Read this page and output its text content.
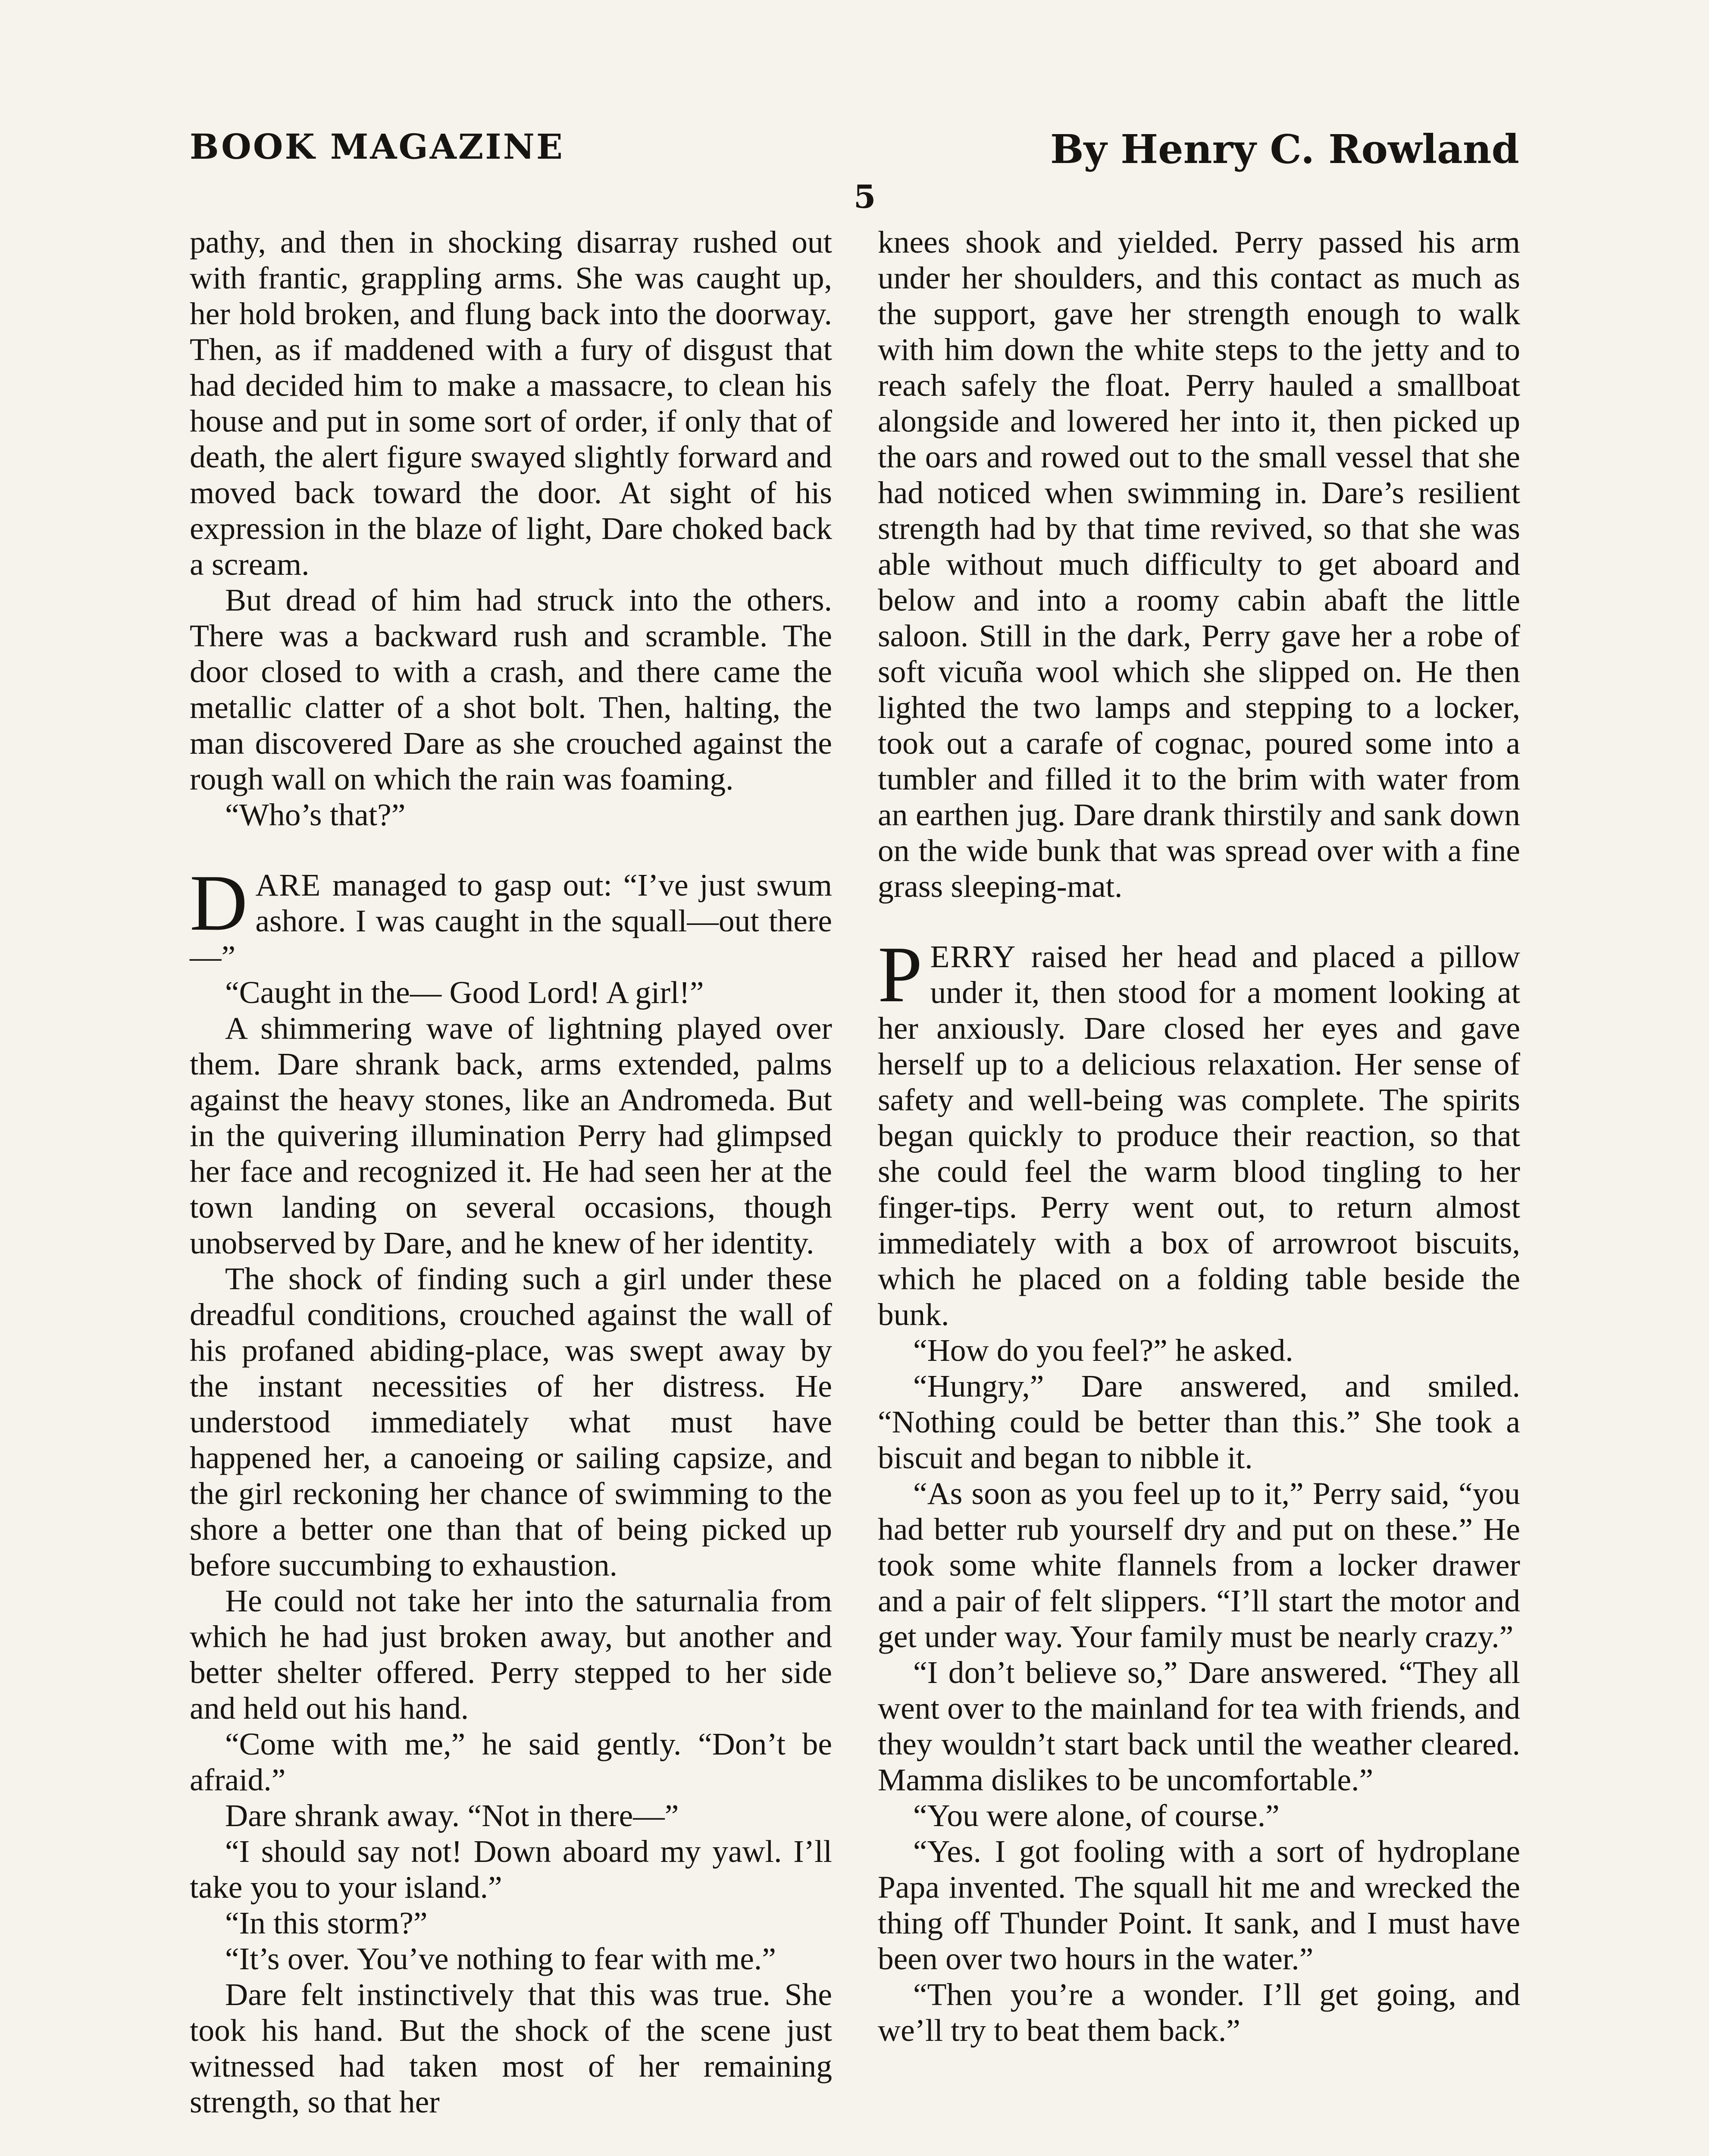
BOOK MAGAZINE	By Henry C. Rowland
5

pathy, and then in shocking disarray rushed out with frantic, grappling arms. She was caught up, her hold broken, and flung back into the doorway. Then, as if maddened with a fury of disgust that had decided him to make a massacre, to clean his house and put in some sort of order, if only that of death, the alert figure swayed slightly forward and moved back toward the door. At sight of his expression in the blaze of light, Dare choked back a scream.

But dread of him had struck into the others. There was a backward rush and scramble. The door closed to with a crash, and there came the metallic clatter of a shot bolt. Then, halting, the man discovered Dare as she crouched against the rough wall on which the rain was foaming.

“Who’s that?”

DARE managed to gasp out: “I’ve just swum ashore. I was caught in the squall—out there—”

“Caught in the— Good Lord! A girl!”

A shimmering wave of lightning played over them. Dare shrank back, arms extended, palms against the heavy stones, like an Andromeda. But in the quivering illumination Perry had glimpsed her face and recognized it. He had seen her at the town landing on several occasions, though unobserved by Dare, and he knew of her identity.

The shock of finding such a girl under these dreadful conditions, crouched against the wall of his profaned abiding-place, was swept away by the instant necessities of her distress. He understood immediately what must have happened her, a canoeing or sailing capsize, and the girl reckoning her chance of swimming to the shore a better one than that of being picked up before succumbing to exhaustion.

He could not take her into the saturnalia from which he had just broken away, but another and better shelter offered. Perry stepped to her side and held out his hand.

“Come with me,” he said gently. “Don’t be afraid.”

Dare shrank away. “Not in there—”

“I should say not! Down aboard my yawl. I’ll take you to your island.”

“In this storm?”

“It’s over. You’ve nothing to fear with me.”

Dare felt instinctively that this was true. She took his hand. But the shock of the scene just witnessed had taken most of her remaining strength, so that her

knees shook and yielded. Perry passed his arm under her shoulders, and this contact as much as the support, gave her strength enough to walk with him down the white steps to the jetty and to reach safely the float. Perry hauled a smallboat alongside and lowered her into it, then picked up the oars and rowed out to the small vessel that she had noticed when swimming in. Dare’s resilient strength had by that time revived, so that she was able without much difficulty to get aboard and below and into a roomy cabin abaft the little saloon. Still in the dark, Perry gave her a robe of soft vicuña wool which she slipped on. He then lighted the two lamps and stepping to a locker, took out a carafe of cognac, poured some into a tumbler and filled it to the brim with water from an earthen jug. Dare drank thirstily and sank down on the wide bunk that was spread over with a fine grass sleeping-mat.

PERRY raised her head and placed a pillow under it, then stood for a moment looking at her anxiously. Dare closed her eyes and gave herself up to a delicious relaxation. Her sense of safety and well-being was complete. The spirits began quickly to produce their reaction, so that she could feel the warm blood tingling to her finger-tips. Perry went out, to return almost immediately with a box of arrowroot biscuits, which he placed on a folding table beside the bunk.

“How do you feel?” he asked.

“Hungry,” Dare answered, and smiled. “Nothing could be better than this.” She took a biscuit and began to nibble it.

“As soon as you feel up to it,” Perry said, “you had better rub yourself dry and put on these.” He took some white flannels from a locker drawer and a pair of felt slippers. “I’ll start the motor and get under way. Your family must be nearly crazy.”

“I don’t believe so,” Dare answered. “They all went over to the mainland for tea with friends, and they wouldn’t start back until the weather cleared. Mamma dislikes to be uncomfortable.”

“You were alone, of course.”

“Yes. I got fooling with a sort of hydroplane Papa invented. The squall hit me and wrecked the thing off Thunder Point. It sank, and I must have been over two hours in the water.”

“Then you’re a wonder. I’ll get going, and we’ll try to beat them back.”
